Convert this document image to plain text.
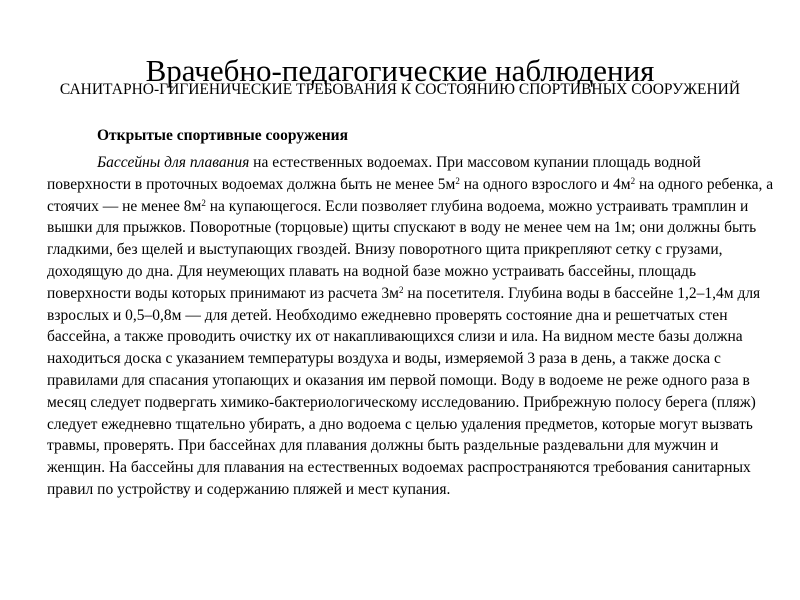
Врачебно-педагогические наблюдения
САНИТАРНО-ГИГИЕНИЧЕСКИЕ ТРЕБОВАНИЯ К СОСТОЯНИЮ СПОРТИВНЫХ СООРУЖЕНИЙ
Открытые спортивные сооружения

Бассейны для плавания на естественных водоемах. При массовом купании площадь водной поверхности в проточных водоемах должна быть не менее $5м^2$ на одного взрослого и $4м^2$ на одного ребенка, а стоячих — не менее $8м^2$ на купающегося. Если позволяет глубина водоема, можно устраивать трамплин и вышки для прыжков. Поворотные (торцовые) щиты спускают в воду не менее чем на 1м; они должны быть гладкими, без щелей и выступающих гвоздей. Внизу поворотного щита прикрепляют сетку с грузами, доходящую до дна. Для неумеющих плавать на водной базе можно устраивать бассейны, площадь поверхности воды которых принимают из расчета $3м^2$ на посетителя. Глубина воды в бассейне 1,2–1,4м для взрослых и 0,5–0,8м — для детей. Необходимо ежедневно проверять состояние дна и решетчатых стен бассейна, а также проводить очистку их от накапливающихся слизи и ила. На видном месте базы должна находиться доска с указанием температуры воздуха и воды, измеряемой 3 раза в день, а также доска с правилами для спасания утопающих и оказания им первой помощи. Воду в водоеме не реже одного раза в месяц следует подвергать химико-бактериологическому исследованию. Прибрежную полосу берега (пляж) следует ежедневно тщательно убирать, а дно водоема с целью удаления предметов, которые могут вызвать травмы, проверять. При бассейнах для плавания должны быть раздельные раздевальни для мужчин и женщин. На бассейны для плавания на естественных водоемах распространяются требования санитарных правил по устройству и содержанию пляжей и мест купания.
